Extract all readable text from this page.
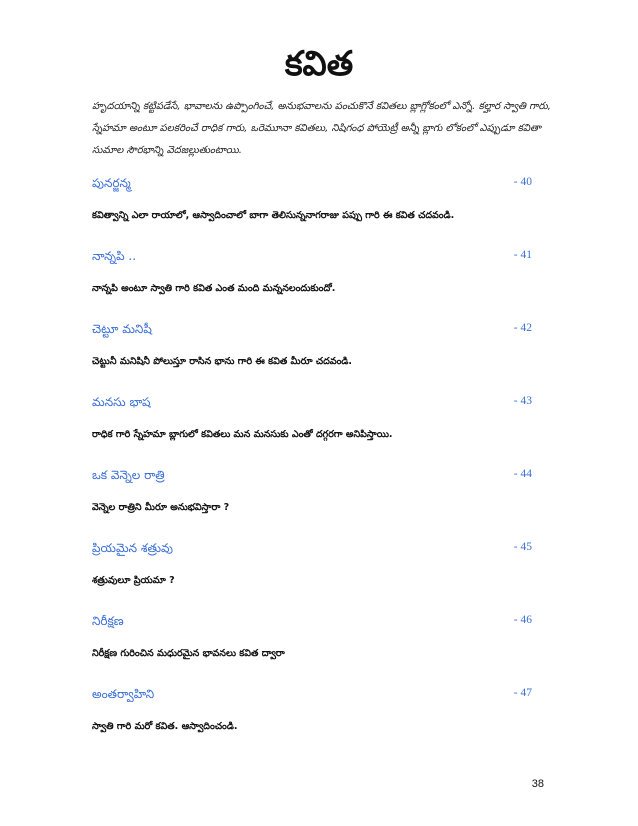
కవిత
హృదయాన్ని కట్టిపడేసే, భావాలను ఉప్పొంగించే, అనుభవాలను పంచుకొనే కవితలు బ్లాగ్లోకంలో ఎన్నో. కల్హార స్వాతి గారు, స్నేహమా అంటూ పలకరించే రాధిక గారు, ఒరెమూనా కవితలు, నిషిగంధ పోయెట్రీ అన్నీ బ్లాగు లోకంలో ఎప్పుడూ కవితా సుమాల సౌరభాన్ని వెదజల్లుతుంటాయి.
పునర్జన్మ	- 40
కవిత్వాన్ని ఎలా రాయాలో, ఆస్వాదించాలో బాగా తెలిసున్ననాగరాజు పప్పు గారి ఈ కవిత చదవండి.
నాన్నపి ..	- 41
నాన్నపి అంటూ స్వాతి గారి కవిత ఎంత మంది మన్ననలందుకుందో.
చెట్టూ మనిషీ	- 42
చెట్టునీ మనిషినీ పోలుస్తూ రాసిన భాను గారి ఈ కవిత మీరూ చదవండి.
మనసు భాష	- 43
రాధిక గారి స్నేహమా బ్లాగులో కవితలు మన మనసుకు ఎంతో దగ్గరగా అనిపిస్తాయి.
ఒక వెన్నెల రాత్రి	- 44
వెన్నెల రాత్రిని మీరూ అనుభవిస్తారా ?
ప్రియమైన శత్రువు	- 45
శత్రువులూ ప్రియమా ?
నిరీక్షణ	- 46
నిరీక్షణ గురించిన మధురమైన భావనలు కవిత ద్వారా
అంతర్వాహిని	- 47
స్వాతి గారి మరో కవిత. ఆస్వాదించండి.
38
